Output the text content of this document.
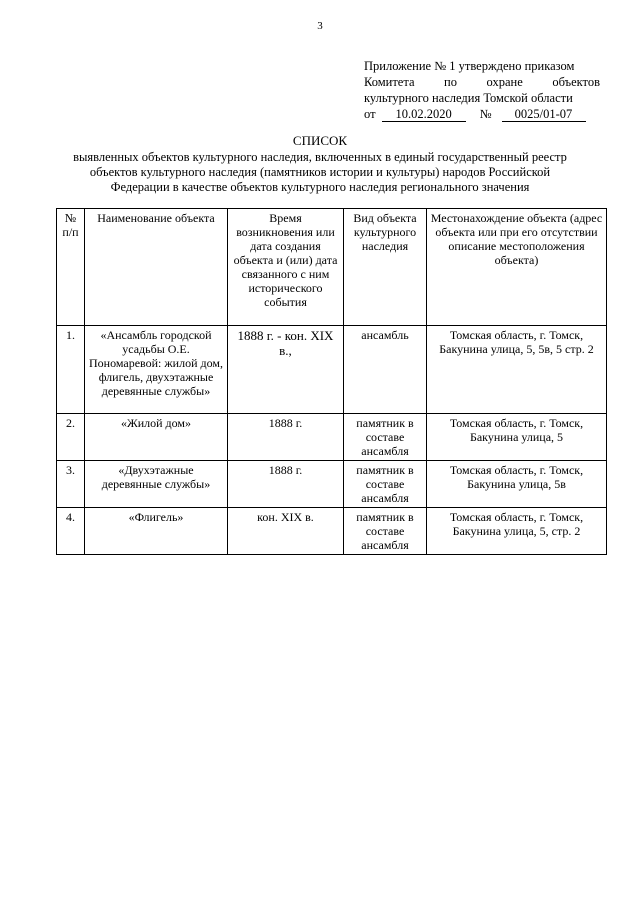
3
Приложение № 1 утверждено приказом
Комитета по охране объектов
культурного наследия Томской области
от	10.02.2020	№	0025/01-07
СПИСОК
выявленных объектов культурного наследия, включенных в единый государственный реестр объектов культурного наследия (памятников истории и культуры) народов Российской Федерации в качестве объектов культурного наследия регионального значения
№ п/п	Наименование объекта	Время возникновения или дата создания объекта и (или) дата связанного с ним исторического события	Вид объекта культурного наследия	Местонахождение объекта (адрес объекта или при его отсутствии описание местоположения объекта)
1.	«Ансамбль городской усадьбы О.Е. Пономаревой: жилой дом, флигель, двухэтажные деревянные службы»	1888 г. - кон. XIX в.,	ансамбль	Томская область, г. Томск, Бакунина улица, 5, 5в, 5 стр. 2
2.	«Жилой дом»	1888 г.	памятник в составе ансамбля	Томская область, г. Томск, Бакунина улица, 5
3.	«Двухэтажные деревянные службы»	1888 г.	памятник в составе ансамбля	Томская область, г. Томск, Бакунина улица, 5в
4.	«Флигель»	кон. XIX в.	памятник в составе ансамбля	Томская область, г. Томск, Бакунина улица, 5, стр. 2
